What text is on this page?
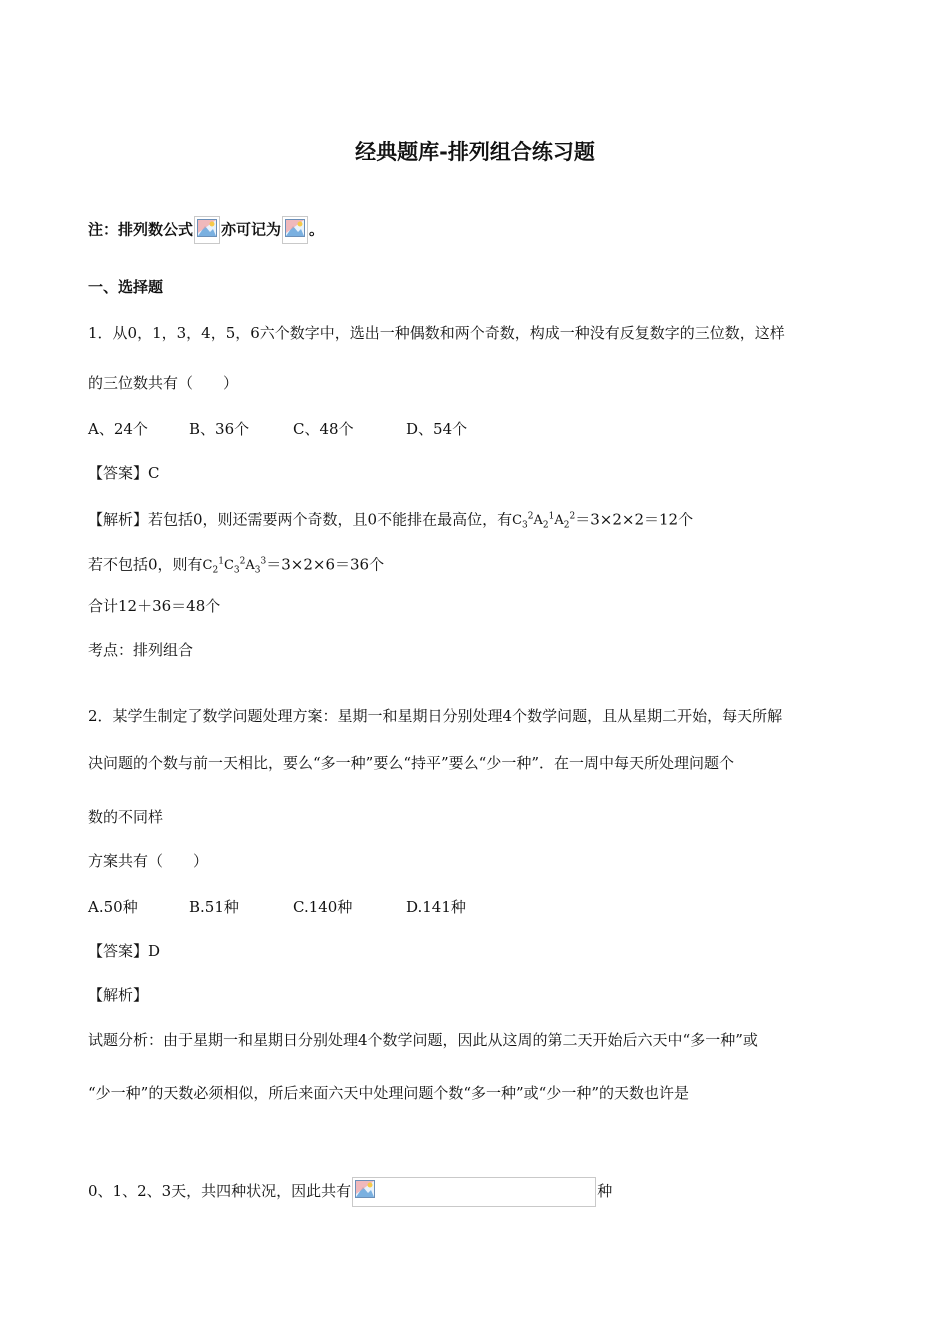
经典题库-排列组合练习题
注：排列数公式 亦可记为 。
一、选择题
1．从0，1，3，4，5，6六个数字中，选出一种偶数和两个奇数，构成一种没有反复数字的三位数，这样
的三位数共有（　　）
A、24个	B、36个	C、48个	D、54个
【答案】C
【解析】若包括0，则还需要两个奇数，且0不能排在最高位，有$C_3^2A_2^1A_2^2=3\times 2\times 2=12$个
若不包括0，则有$C_2^1C_3^2A_3^3=3\times 2\times 6=36$个
合计12＋36＝48个
考点：排列组合
2．某学生制定了数学问题处理方案：星期一和星期日分别处理4个数学问题，且从星期二开始，每天所解
决问题的个数与前一天相比，要么“多一种”要么“持平”要么“少一种”．在一周中每天所处理问题个
数的不同样
方案共有（　　）
A.50种	B.51种	C.140种	D.141种
【答案】D
【解析】
试题分析：由于星期一和星期日分别处理4个数学问题，因此从这周的第二天开始后六天中“多一种”或
“少一种”的天数必须相似，所后来面六天中处理问题个数“多一种”或“少一种”的天数也许是
0、1、2、3天，共四种状况，因此共有	种
